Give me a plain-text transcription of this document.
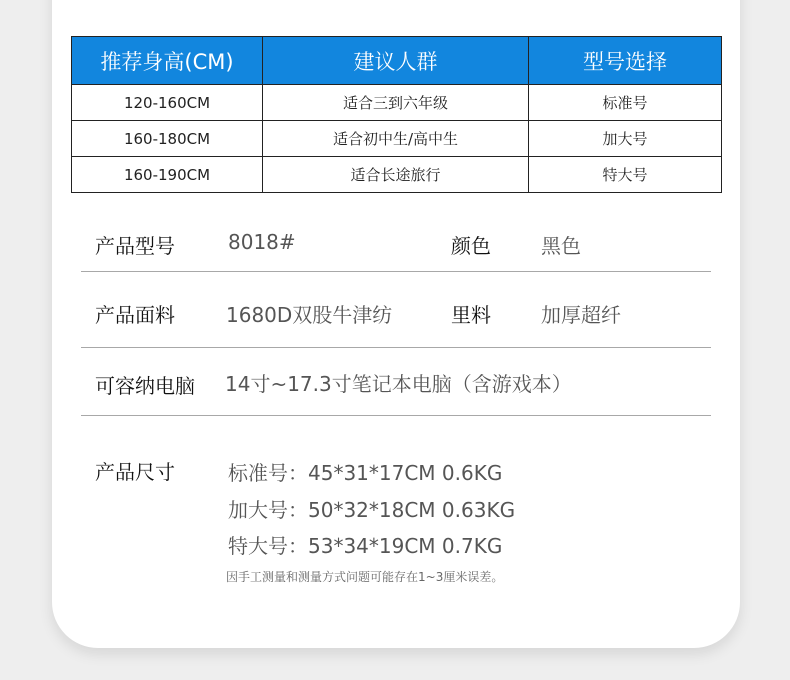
推荐身高(CM)	建议人群	型号选择
120-160CM	适合三到六年级	标准号
160-180CM	适合初中生/高中生	加大号
160-190CM	适合长途旅行	特大号
产品型号	8018#	颜色	黑色
产品面料	1680D双股牛津纺	里料	加厚超纤
可容纳电脑 14寸~17.3寸笔记本电脑（含游戏本）
产品尺寸	标准号：45*31*17CM 0.6KG
加大号：50*32*18CM 0.63KG
特大号：53*34*19CM 0.7KG
因手工测量和测量方式问题可能存在1~3厘米误差。
